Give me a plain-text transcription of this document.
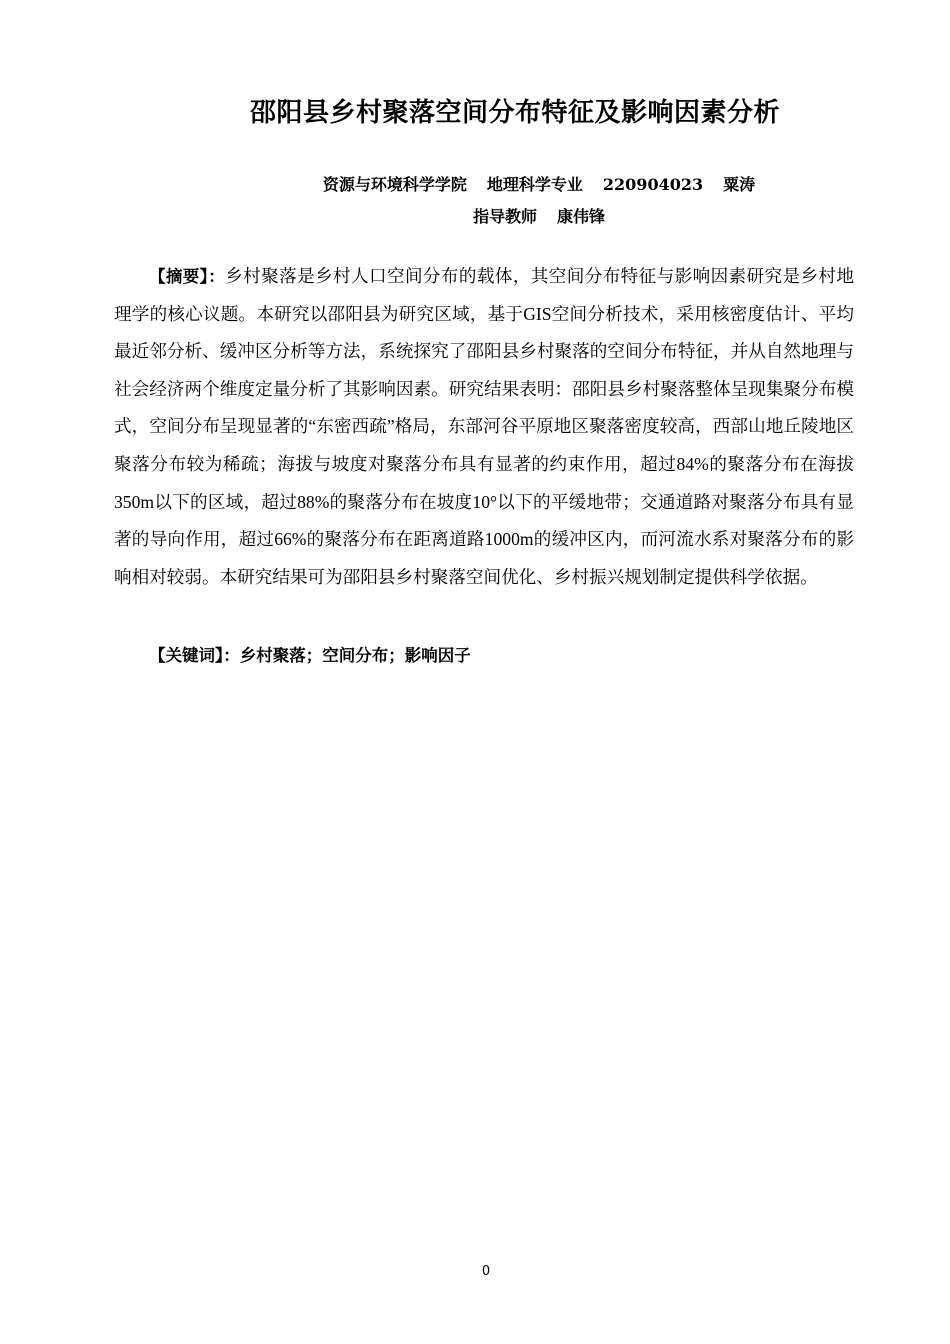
邵阳县乡村聚落空间分布特征及影响因素分析

资源与环境科学学院 地理科学专业 220904023 粟涛

指导教师 康伟锋

【摘要】：乡村聚落是乡村人口空间分布的载体，其空间分布特征与影响因素研究是乡村地理学的核心议题。本研究以邵阳县为研究区域，基于GIS空间分析技术，采用核密度估计、平均最近邻分析、缓冲区分析等方法，系统探究了邵阳县乡村聚落的空间分布特征，并从自然地理与社会经济两个维度定量分析了其影响因素。研究结果表明：邵阳县乡村聚落整体呈现集聚分布模式，空间分布呈现显著的“东密西疏”格局，东部河谷平原地区聚落密度较高，西部山地丘陵地区聚落分布较为稀疏；海拔与坡度对聚落分布具有显著的约束作用，超过84%的聚落分布在海拔350m以下的区域，超过88%的聚落分布在坡度10°以下的平缓地带；交通道路对聚落分布具有显著的导向作用，超过66%的聚落分布在距离道路1000m的缓冲区内，而河流水系对聚落分布的影响相对较弱。本研究结果可为邵阳县乡村聚落空间优化、乡村振兴规划制定提供科学依据。

【关键词】：乡村聚落；空间分布；影响因子

0
